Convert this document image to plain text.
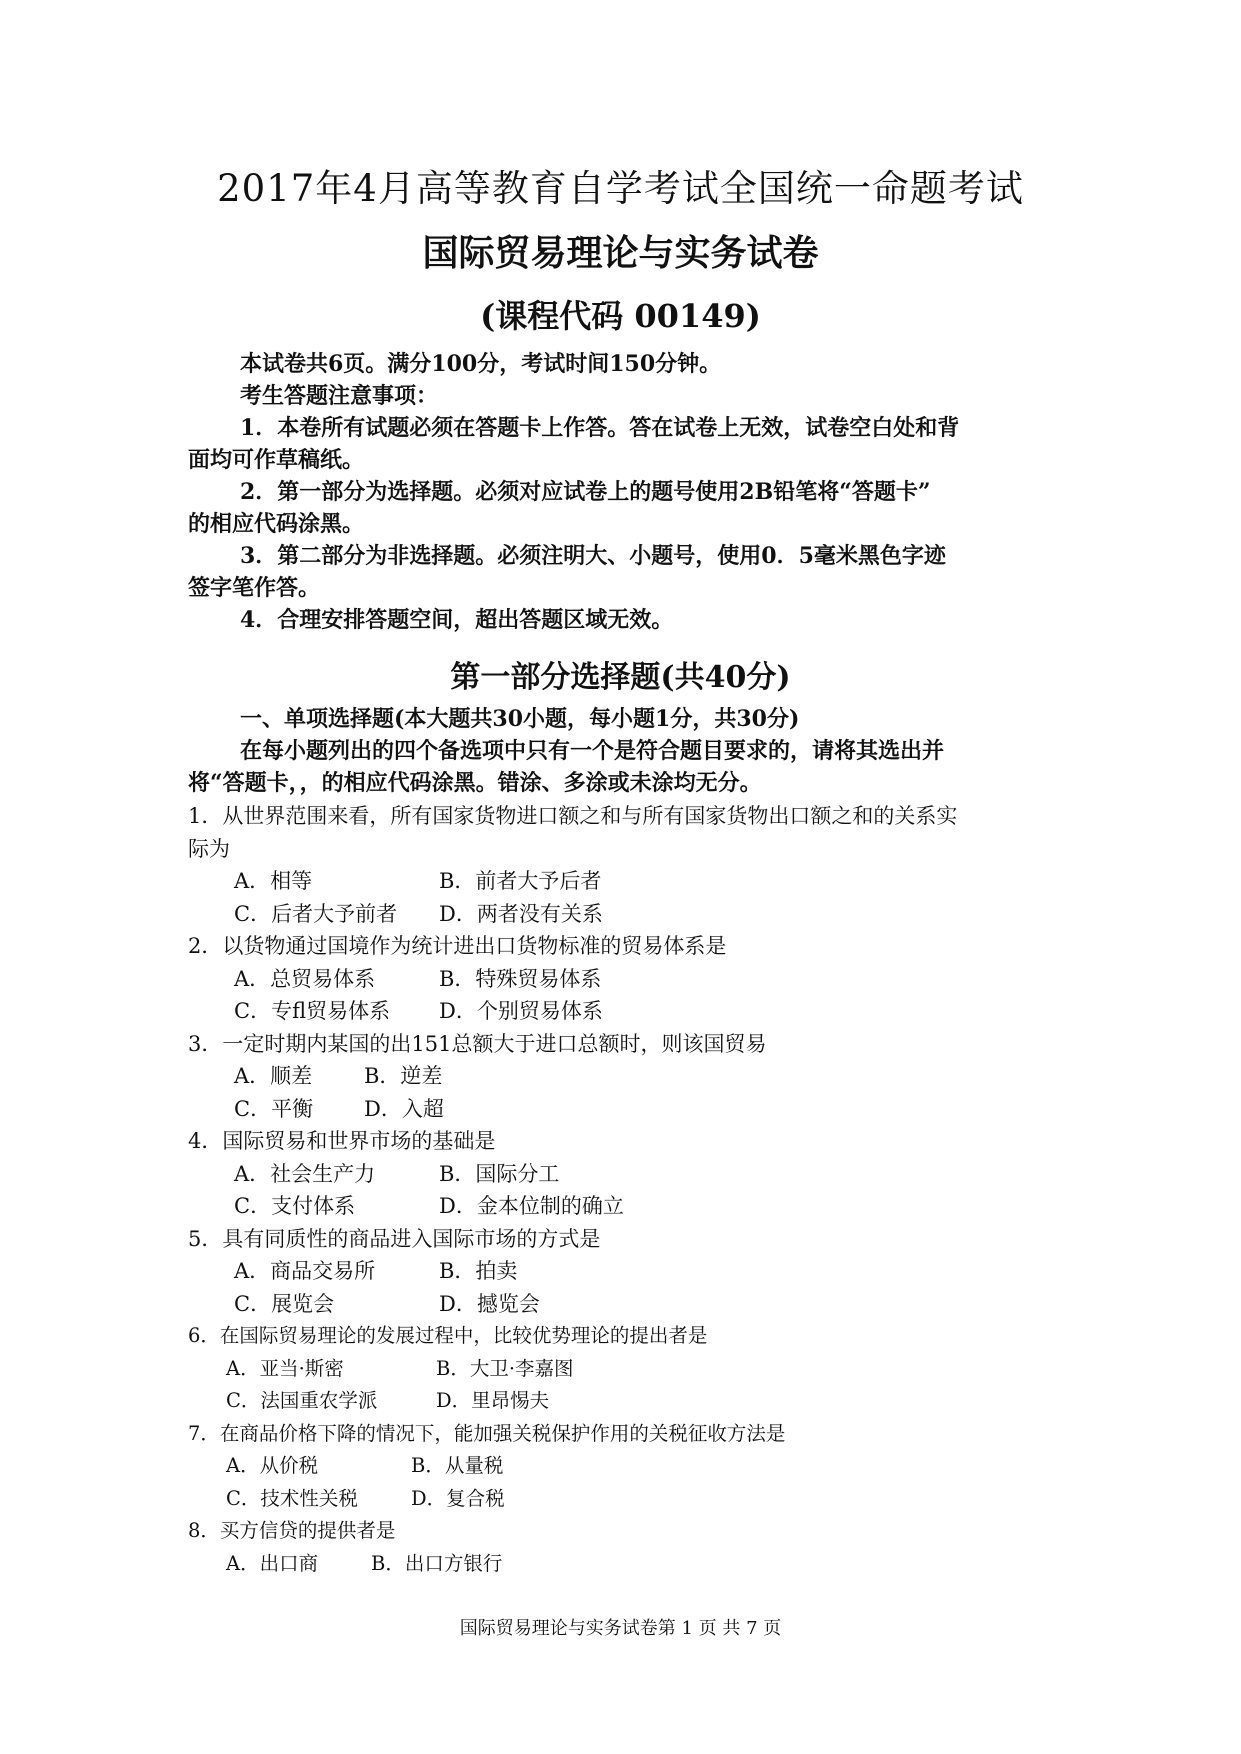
2017年4月高等教育自学考试全国统一命题考试
国际贸易理论与实务试卷
(课程代码 00149)

本试卷共6页。满分100分，考试时间150分钟。

考生答题注意事项：

1．本卷所有试题必须在答题卡上作答。答在试卷上无效，试卷空白处和背

面均可作草稿纸。

2．第一部分为选择题。必须对应试卷上的题号使用2B铅笔将“答题卡”

的相应代码涂黑。

3．第二部分为非选择题。必须注明大、小题号，使用0．5毫米黑色字迹

签字笔作答。

4．合理安排答题空间，超出答题区域无效。

第一部分选择题(共40分)

一、单项选择题(本大题共30小题，每小题1分，共30分)

在每小题列出的四个备选项中只有一个是符合题目要求的，请将其选出并

将“答题卡，，的相应代码涂黑。错涂、多涂或未涂均无分。

1．从世界范围来看，所有国家货物进口额之和与所有国家货物出口额之和的关系实

际为

A．相等	B．前者大予后者
C．后者大予前者	D．两者没有关系

2．以货物通过国境作为统计进出口货物标准的贸易体系是

A．总贸易体系	B．特殊贸易体系
C．专fl贸易体系	D．个别贸易体系

3．一定时期内某国的出151总额大于进口总额时，则该国贸易

A．顺差	B．逆差
C．平衡	D．入超

4．国际贸易和世界市场的基础是

A．社会生产力	B．国际分工
C．支付体系	D．金本位制的确立

5．具有同质性的商品进入国际市场的方式是

A．商品交易所	B．拍卖
C．展览会	D．撼览会

6．在国际贸易理论的发展过程中，比较优势理论的提出者是

A．亚当·斯密	B．大卫·李嘉图
C．法国重农学派	D．里昂惕夫

7．在商品价格下降的情况下，能加强关税保护作用的关税征收方法是

A．从价税	B．从量税
C．技术性关税	D．复合税

8．买方信贷的提供者是

A．出口商	B．出口方银行
国际贸易理论与实务试卷第 1 页 共 7 页
